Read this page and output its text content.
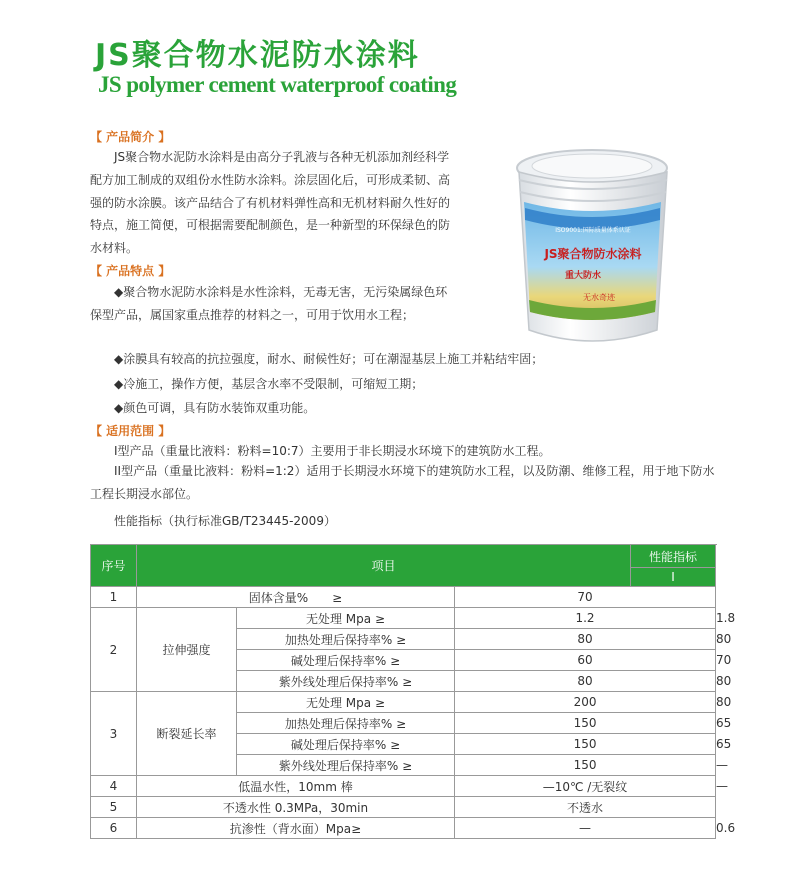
JS聚合物水泥防水涂料
JS polymer cement waterproof coating
【 产品简介 】
JS聚合物水泥防水涂料是由高分子乳液与各种无机添加剂经科学配方加工制成的双组份水性防水涂料。涂层固化后，可形成柔韧、高强的防水涂膜。该产品结合了有机材料弹性高和无机材料耐久性好的特点，施工简便，可根据需要配制颜色，是一种新型的环保绿色的防水材料。
【 产品特点 】
◆聚合物水泥防水涂料是水性涂料，无毒无害，无污染属绿色环保型产品，属国家重点推荐的材料之一，可用于饮用水工程；
◆涂膜具有较高的抗拉强度，耐水、耐候性好；可在潮湿基层上施工并粘结牢固；
◆冷施工，操作方便，基层含水率不受限制，可缩短工期；
◆颜色可调，具有防水装饰双重功能。
【 适用范围 】
I型产品（重量比液料：粉料=10:7）主要用于非长期浸水环境下的建筑防水工程。
II型产品（重量比液料：粉料=1:2）适用于长期浸水环境下的建筑防水工程，以及防潮、维修工程，用于地下防水工程长期浸水部位。
性能指标（执行标准GB/T23445-2009）
JS聚合物防水涂料
重大防水
无水奇迹
ISO9001:国际质量体系认证
序号	项目			性能指标	
				I	II
1	固体含量%　　≥		70		
2	拉伸强度	无处理 Mpa ≥	1.2		1.8
		加热处理后保持率% ≥	80		80
		碱处理后保持率% ≥	60		70
		紫外线处理后保持率% ≥	80		80
3	断裂延长率	无处理 Mpa ≥	200		80
		加热处理后保持率% ≥	150		65
		碱处理后保持率% ≥	150		65
		紫外线处理后保持率% ≥	150		—
4	低温水性，10mm 棒		—10℃ /无裂纹		—
5	不透水性 0.3MPa，30min		不透水		
6	抗渗性（背水面）Mpa≥		—		0.6
